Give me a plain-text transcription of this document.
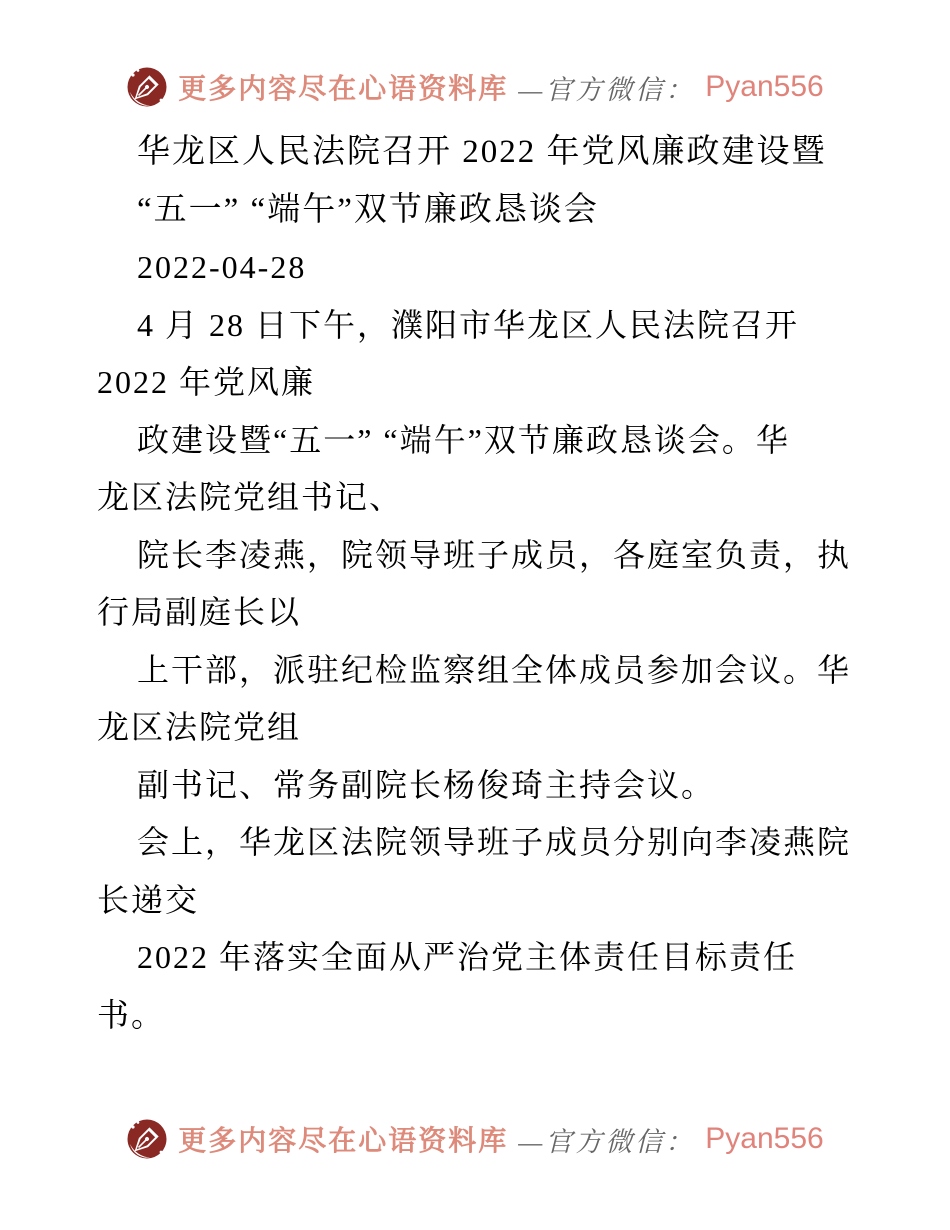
更多内容尽在心语资料库 —官方微信： Pyan556
华龙区人民法院召开 2022 年党风廉政建设暨
“五一” “端午”双节廉政恳谈会
2022-04-28
4 月 28 日下午，濮阳市华龙区人民法院召开
2022 年党风廉
政建设暨“五一” “端午”双节廉政恳谈会。华
龙区法院党组书记、
院长李凌燕，院领导班子成员，各庭室负责，执
行局副庭长以
上干部，派驻纪检监察组全体成员参加会议。华
龙区法院党组
副书记、常务副院长杨俊琦主持会议。
会上，华龙区法院领导班子成员分别向李凌燕院
长递交
2022 年落实全面从严治党主体责任目标责任
书。
更多内容尽在心语资料库 —官方微信： Pyan556
